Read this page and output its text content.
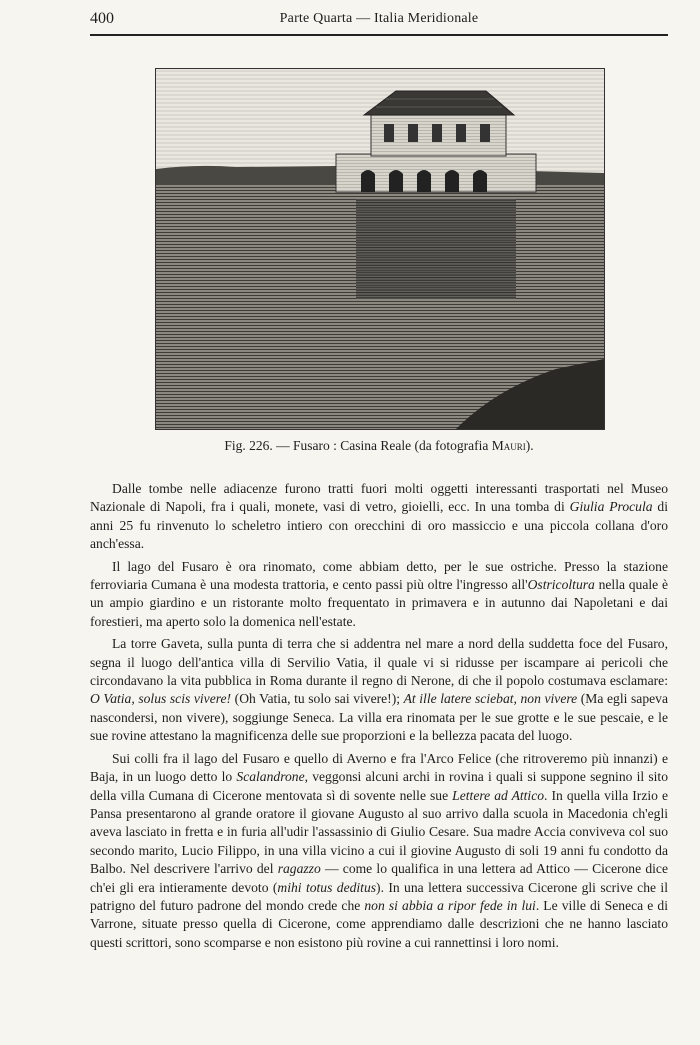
400	Parte Quarta — Italia Meridionale
Fig. 226. — Fusaro : Casina Reale (da fotografia Mauri).

Dalle tombe nelle adiacenze furono tratti fuori molti oggetti interessanti trasportati nel Museo Nazionale di Napoli, fra i quali, monete, vasi di vetro, gioielli, ecc. In una tomba di Giulia Procula di anni 25 fu rinvenuto lo scheletro intiero con orecchini di oro massiccio e una piccola collana d'oro anch'essa.

Il lago del Fusaro è ora rinomato, come abbiam detto, per le sue ostriche. Presso la stazione ferroviaria Cumana è una modesta trattoria, e cento passi più oltre l'ingresso all'Ostricoltura nella quale è un ampio giardino e un ristorante molto frequentato in primavera e in autunno dai Napoletani e dai forestieri, ma aperto solo la domenica nell'estate.

La torre Gaveta, sulla punta di terra che si addentra nel mare a nord della suddetta foce del Fusaro, segna il luogo dell'antica villa di Servilio Vatia, il quale vi si ridusse per iscampare ai pericoli che circondavano la vita pubblica in Roma durante il regno di Nerone, di che il popolo costumava esclamare: O Vatia, solus scis vivere! (Oh Vatia, tu solo sai vivere!); At ille latere sciebat, non vivere (Ma egli sapeva nascondersi, non vivere), soggiunge Seneca. La villa era rinomata per le sue grotte e le sue pescaie, e le sue rovine attestano la magnificenza delle sue proporzioni e la bellezza pacata del luogo.

Sui colli fra il lago del Fusaro e quello di Averno e fra l'Arco Felice (che ritroveremo più innanzi) e Baja, in un luogo detto lo Scalandrone, veggonsi alcuni archi in rovina i quali si suppone segnino il sito della villa Cumana di Cicerone mentovata sì di sovente nelle sue Lettere ad Attico. In quella villa Irzio e Pansa presentarono al grande oratore il giovane Augusto al suo arrivo dalla scuola in Macedonia ch'egli aveva lasciato in fretta e in furia all'udir l'assassinio di Giulio Cesare. Sua madre Accia conviveva col suo secondo marito, Lucio Filippo, in una villa vicino a cui il giovine Augusto di soli 19 anni fu condotto da Balbo. Nel descrivere l'arrivo del ragazzo — come lo qualifica in una lettera ad Attico — Cicerone dice ch'ei gli era intieramente devoto (mihi totus deditus). In una lettera successiva Cicerone gli scrive che il patrigno del futuro padrone del mondo crede che non si abbia a ripor fede in lui. Le ville di Seneca e di Varrone, situate presso quella di Cicerone, come apprendiamo dalle descrizioni che ne hanno lasciato questi scrittori, sono scomparse e non esistono più rovine a cui rannettinsi i loro nomi.
